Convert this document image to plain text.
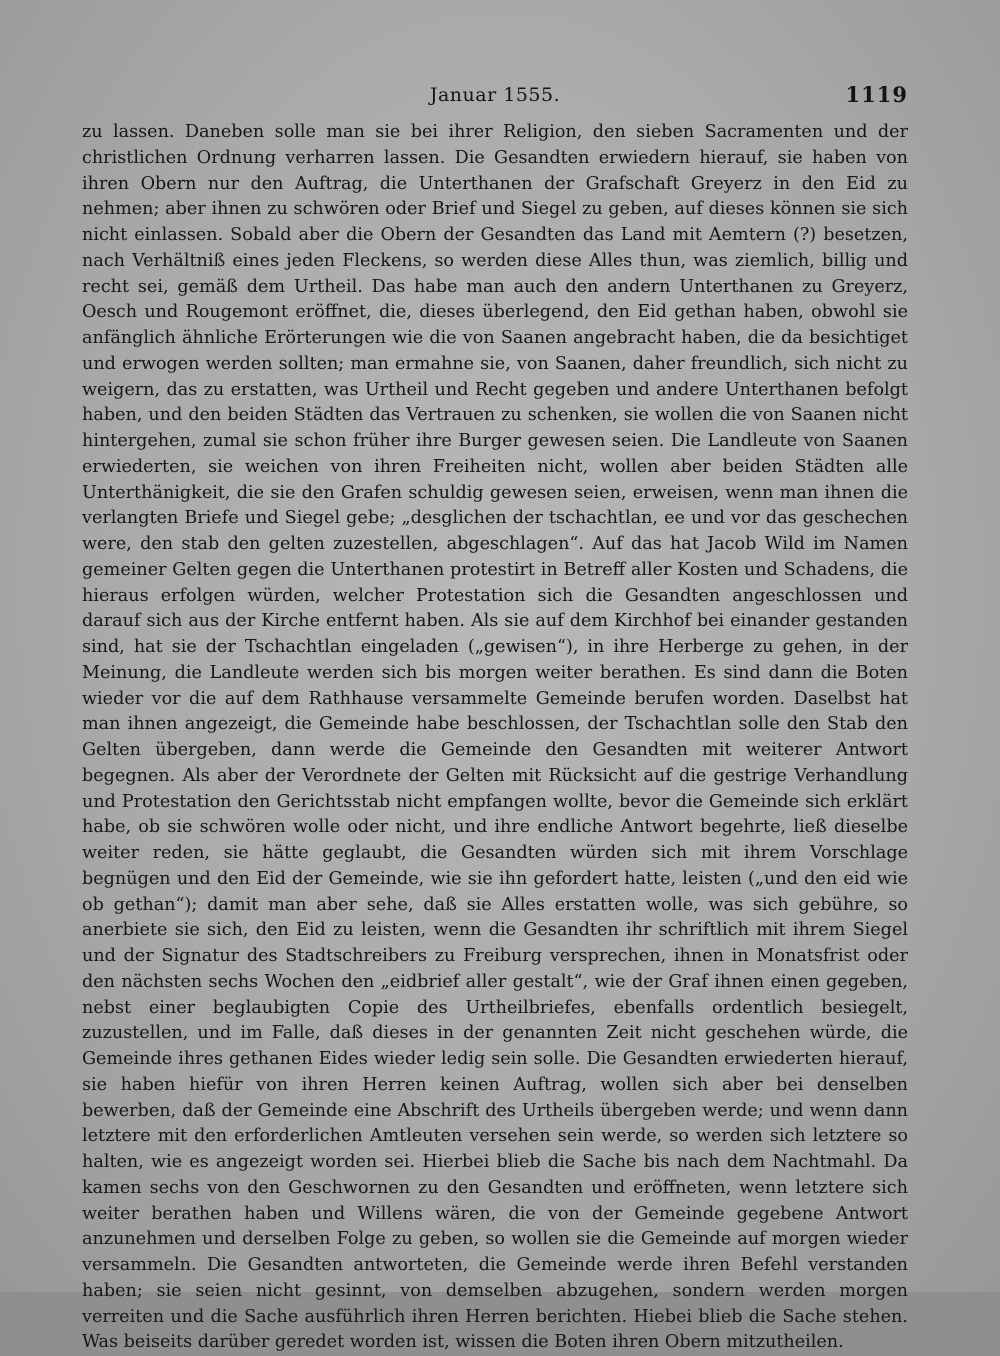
Januar 1555.	1119

zu lassen. Daneben solle man sie bei ihrer Religion, den sieben Sacramenten und der christlichen Ordnung verharren lassen. Die Gesandten erwiedern hierauf, sie haben von ihren Obern nur den Auftrag, die Unterthanen der Grafschaft Greyerz in den Eid zu nehmen; aber ihnen zu schwören oder Brief und Siegel zu geben, auf dieses können sie sich nicht einlassen. Sobald aber die Obern der Gesandten das Land mit Aemtern (?) besetzen, nach Verhältniß eines jeden Fleckens, so werden diese Alles thun, was ziemlich, billig und recht sei, gemäß dem Urtheil. Das habe man auch den andern Unterthanen zu Greyerz, Oesch und Rougemont eröffnet, die, dieses überlegend, den Eid gethan haben, obwohl sie anfänglich ähnliche Erörterungen wie die von Saanen angebracht haben, die da besichtiget und erwogen werden sollten; man ermahne sie, von Saanen, daher freundlich, sich nicht zu weigern, das zu erstatten, was Urtheil und Recht gegeben und andere Unterthanen befolgt haben, und den beiden Städten das Vertrauen zu schenken, sie wollen die von Saanen nicht hintergehen, zumal sie schon früher ihre Burger gewesen seien. Die Landleute von Saanen erwiederten, sie weichen von ihren Freiheiten nicht, wollen aber beiden Städten alle Unterthänigkeit, die sie den Grafen schuldig gewesen seien, erweisen, wenn man ihnen die verlangten Briefe und Siegel gebe; „desglichen der tschachtlan, ee und vor das geschechen were, den stab den gelten zuzestellen, abgeschlagen“. Auf das hat Jacob Wild im Namen gemeiner Gelten gegen die Unterthanen protestirt in Betreff aller Kosten und Schadens, die hieraus erfolgen würden, welcher Protestation sich die Gesandten angeschlossen und darauf sich aus der Kirche entfernt haben. Als sie auf dem Kirchhof bei einander gestanden sind, hat sie der Tschachtlan eingeladen („gewisen“), in ihre Herberge zu gehen, in der Meinung, die Landleute werden sich bis morgen weiter berathen. Es sind dann die Boten wieder vor die auf dem Rathhause versammelte Gemeinde berufen worden. Daselbst hat man ihnen angezeigt, die Gemeinde habe beschlossen, der Tschachtlan solle den Stab den Gelten übergeben, dann werde die Gemeinde den Gesandten mit weiterer Antwort begegnen. Als aber der Verordnete der Gelten mit Rücksicht auf die gestrige Verhandlung und Protestation den Gerichtsstab nicht empfangen wollte, bevor die Gemeinde sich erklärt habe, ob sie schwören wolle oder nicht, und ihre endliche Antwort begehrte, ließ dieselbe weiter reden, sie hätte geglaubt, die Gesandten würden sich mit ihrem Vorschlage begnügen und den Eid der Gemeinde, wie sie ihn gefordert hatte, leisten („und den eid wie ob gethan“); damit man aber sehe, daß sie Alles erstatten wolle, was sich gebühre, so anerbiete sie sich, den Eid zu leisten, wenn die Gesandten ihr schriftlich mit ihrem Siegel und der Signatur des Stadtschreibers zu Freiburg versprechen, ihnen in Monatsfrist oder den nächsten sechs Wochen den „eidbrief aller gestalt“, wie der Graf ihnen einen gegeben, nebst einer beglaubigten Copie des Urtheilbriefes, ebenfalls ordentlich besiegelt, zuzustellen, und im Falle, daß dieses in der genannten Zeit nicht geschehen würde, die Gemeinde ihres gethanen Eides wieder ledig sein solle. Die Gesandten erwiederten hierauf, sie haben hiefür von ihren Herren keinen Auftrag, wollen sich aber bei denselben bewerben, daß der Gemeinde eine Abschrift des Urtheils übergeben werde; und wenn dann letztere mit den erforderlichen Amtleuten versehen sein werde, so werden sich letztere so halten, wie es angezeigt worden sei. Hierbei blieb die Sache bis nach dem Nachtmahl. Da kamen sechs von den Geschwornen zu den Gesandten und eröffneten, wenn letztere sich weiter berathen haben und Willens wären, die von der Gemeinde gegebene Antwort anzunehmen und derselben Folge zu geben, so wollen sie die Gemeinde auf morgen wieder versammeln. Die Gesandten antworteten, die Gemeinde werde ihren Befehl verstanden haben; sie seien nicht gesinnt, von demselben abzugehen, sondern werden morgen verreiten und die Sache ausführlich ihren Herren berichten. Hiebei blieb die Sache stehen. Was beiseits darüber geredet worden ist, wissen die Boten ihren Obern mitzutheilen.
